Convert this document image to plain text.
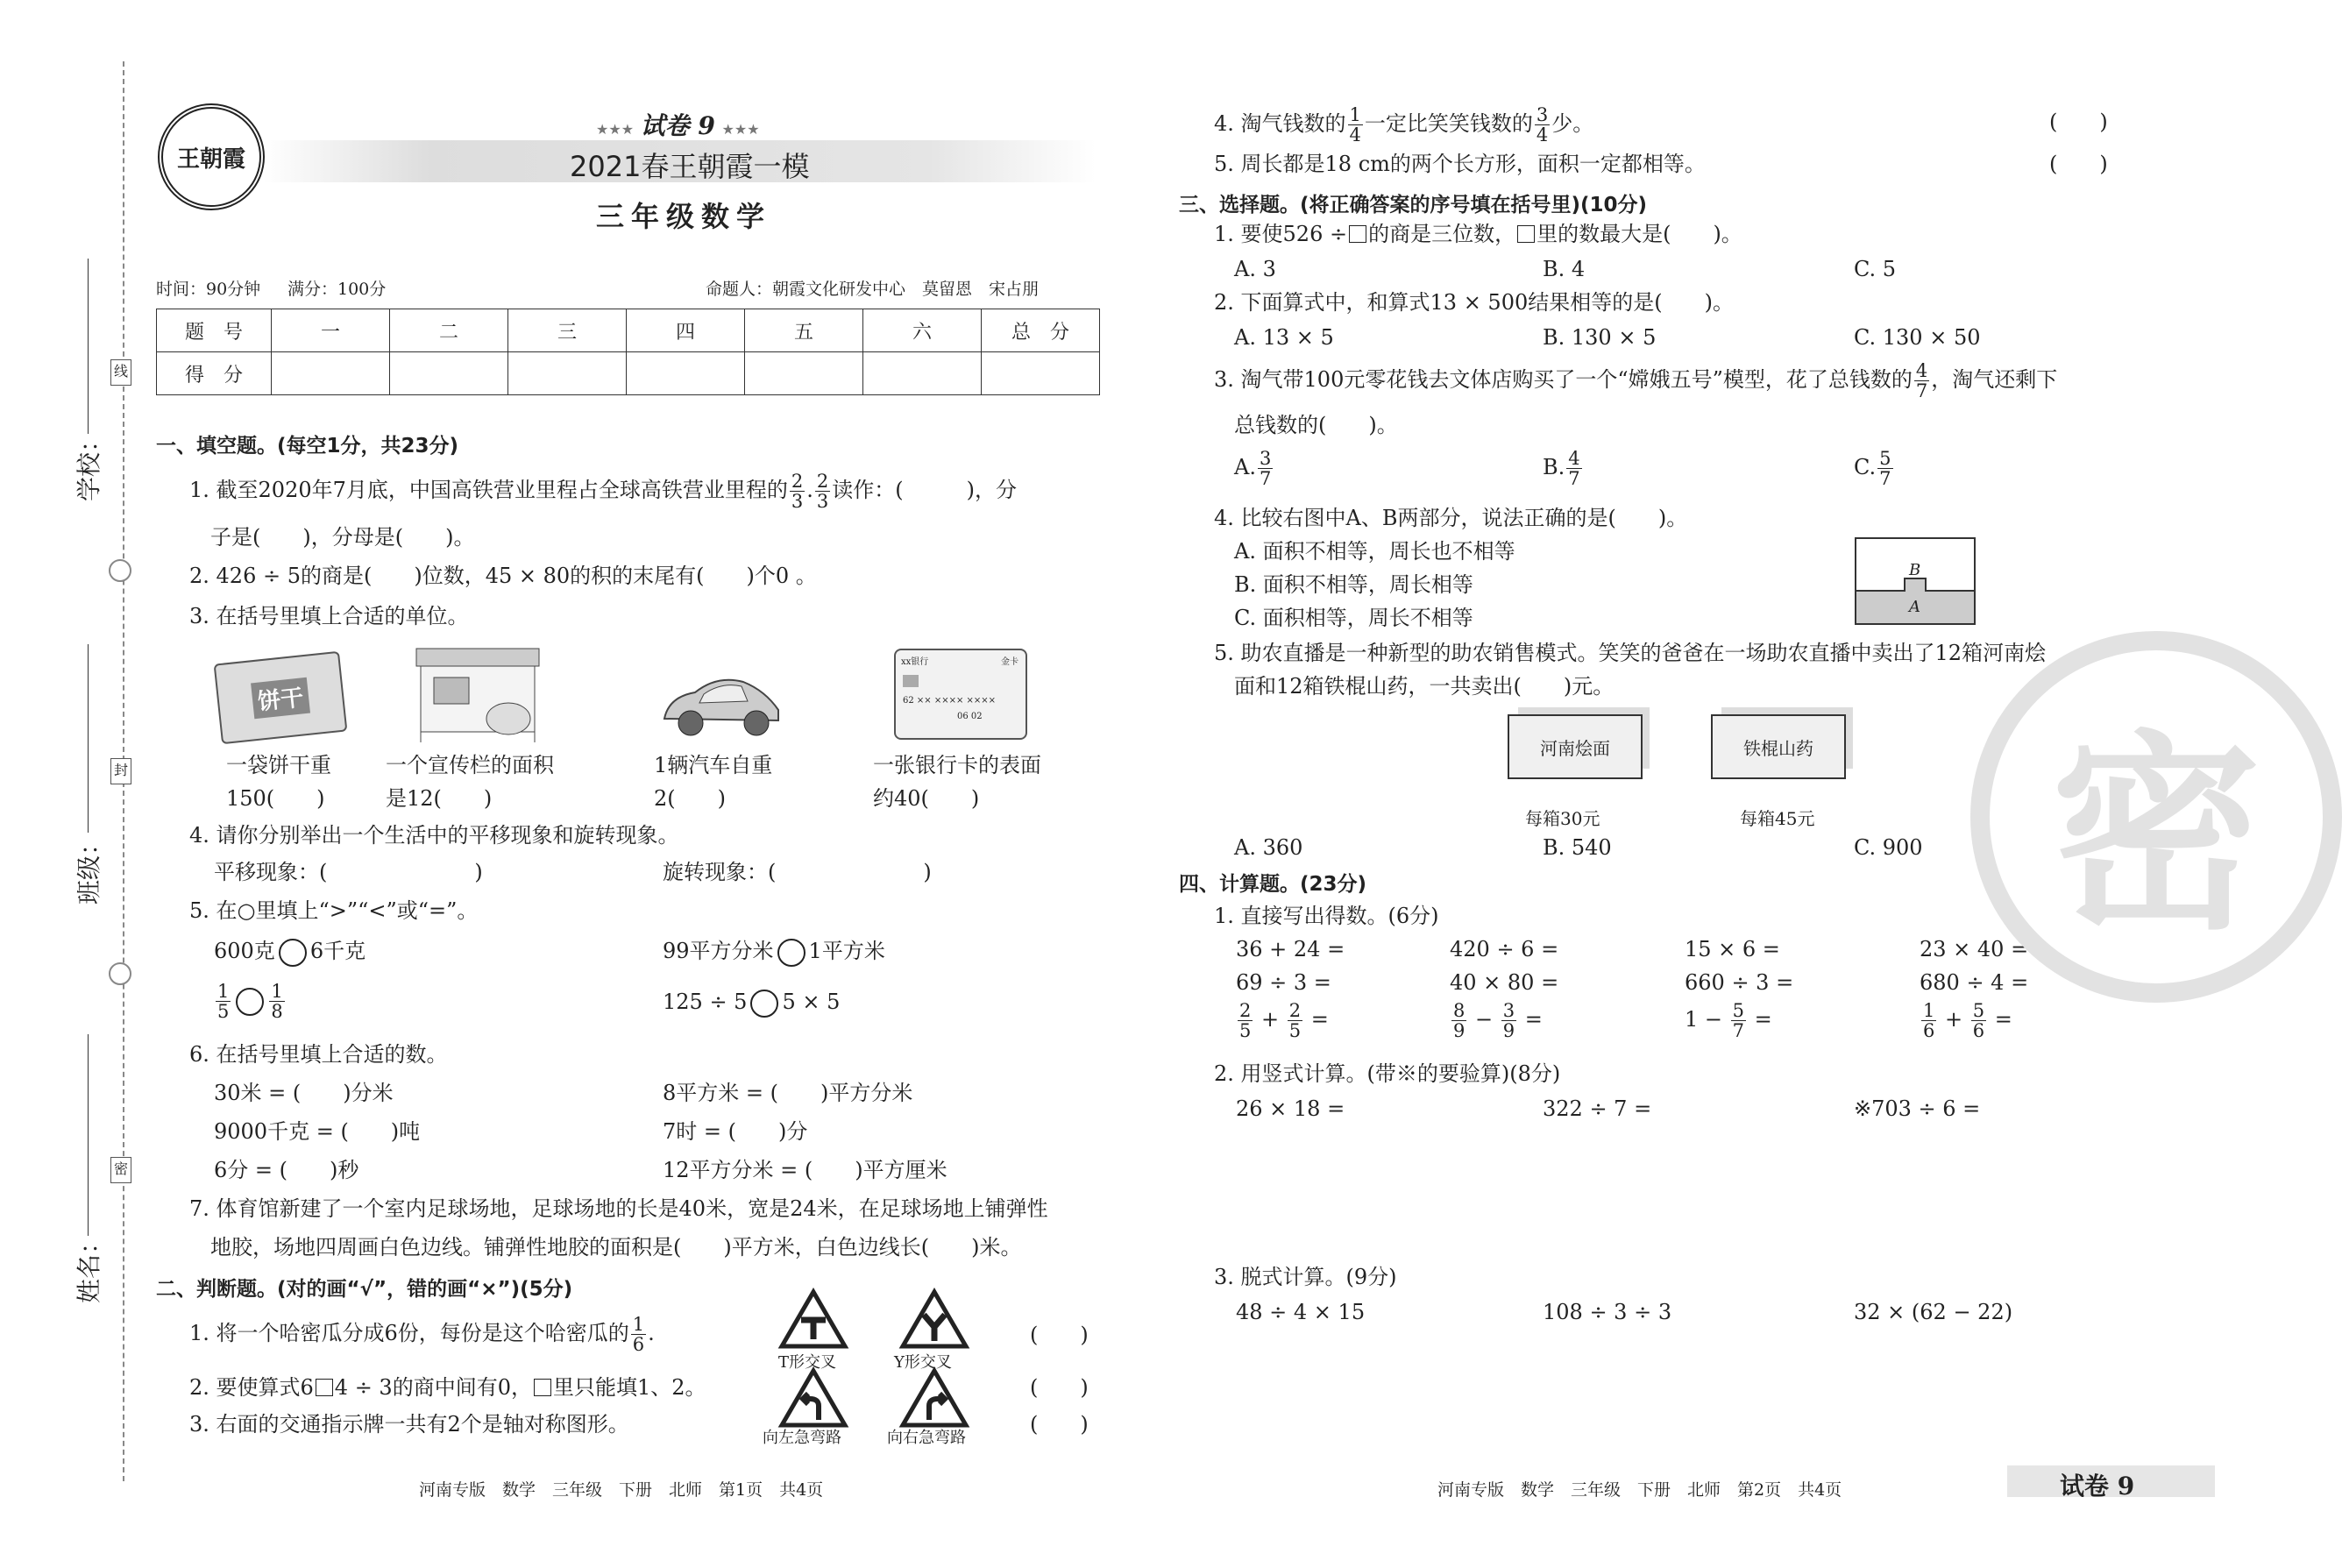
学校：
班级：
姓名：
线
封
密
王朝霞
★★★ 试卷 9 ★★★
2021春王朝霞一模
三年级数学
时间：90分钟 满分：100分	命题人：朝霞文化研发中心　莫留恩　宋占朋
题　号	一	二	三	四	五	六	总　分
得　分							
一、填空题。(每空1分，共23分)
1. 截至2020年7月底，中国高铁营业里程占全球高铁营业里程的 $\frac{2}{3}$ . $\frac{2}{3}$ 读作：(　　　)，分
子是(　　)，分母是(　　)。
2. 426 ÷ 5的商是(　　)位数，45 × 80的积的末尾有(　　)个0 。
3. 在括号里填上合适的单位。
饼干
xx银行	金卡
62 ×× ×××× ××××
06 02
一袋饼干重
150(　　)
一个宣传栏的面积
是12(　　)
1辆汽车自重
2(　　)
一张银行卡的表面
约40(　　)
4. 请你分别举出一个生活中的平移现象和旋转现象。
平移现象：(　　　　　　　)	旋转现象：(　　　　　　　)
5. 在○里填上“>”“<”或“=”。
600克 6千克	99平方分米 1平方米
$\frac{1}{5} \frac{1}{8}$	125 ÷ 5 5 × 5
6. 在括号里填上合适的数。
30米 = (　　)分米	8平方米 = (　　)平方分米
9000千克 = (　　)吨	7时 = (　　)分
6分 = (　　)秒	12平方分米 = (　　)平方厘米
7. 体育馆新建了一个室内足球场地，足球场地的长是40米，宽是24米，在足球场地上铺弹性
地胶，场地四周画白色边线。铺弹性地胶的面积是(　　)平方米，白色边线长(　　)米。
二、判断题。(对的画“√”，错的画“×”)(5分)
1. 将一个哈密瓜分成6份，每份是这个哈密瓜的 $\frac{1}{6}$ .
2. 要使算式6 4 ÷ 3的商中间有0， 里只能填1、2。
3. 右面的交通指示牌一共有2个是轴对称图形。
(　　)
(　　)
(　　)
T形交叉	Y形交叉
向左急弯路	向右急弯路
4. 淘气钱数的 $\frac{1}{4}$ 一定比笑笑钱数的 $\frac{3}{4}$ 少。	(　　)
5. 周长都是18 cm的两个长方形，面积一定都相等。	(　　)
三、选择题。(将正确答案的序号填在括号里)(10分)
1. 要使526 ÷ 的商是三位数， 里的数最大是(　　)。
A. 3	B. 4	C. 5
2. 下面算式中，和算式13 × 500结果相等的是(　　)。
A. 13 × 5	B. 130 × 5	C. 130 × 50
3. 淘气带100元零花钱去文体店购买了一个“嫦娥五号”模型，花了总钱数的 $\frac{4}{7}$ ，淘气还剩下
总钱数的(　　)。
A. $\frac{3}{7}$	B. $\frac{4}{7}$	C. $\frac{5}{7}$
4. 比较右图中A、B两部分，说法正确的是(　　)。
A. 面积不相等，周长也不相等
B. 面积不相等，周长相等
C. 面积相等，周长不相等
B
A
5. 助农直播是一种新型的助农销售模式。笑笑的爸爸在一场助农直播中卖出了12箱河南烩
面和12箱铁棍山药，一共卖出(　　)元。
河南烩面
每箱30元
铁棍山药
每箱45元
A. 360	B. 540	C. 900
四、计算题。(23分)
1. 直接写出得数。(6分)
36 + 24 =	420 ÷ 6 =	15 × 6 =	23 × 40 =
69 ÷ 3 =	40 × 80 =	660 ÷ 3 =	680 ÷ 4 =
$\frac{2}{5} + \frac{2}{5}$ =	$\frac{8}{9} - \frac{3}{9}$ =	$1 - \frac{5}{7}$ =	$\frac{1}{6} + \frac{5}{6}$ =
2. 用竖式计算。(带※的要验算)(8分)
26 × 18 =	322 ÷ 7 =	※703 ÷ 6 =
3. 脱式计算。(9分)
48 ÷ 4 × 15	108 ÷ 3 ÷ 3	32 × (62 − 22)
密
河南专版　数学　三年级　下册　北师　第1页　共4页	河南专版　数学　三年级　下册　北师　第2页　共4页	试卷 9
